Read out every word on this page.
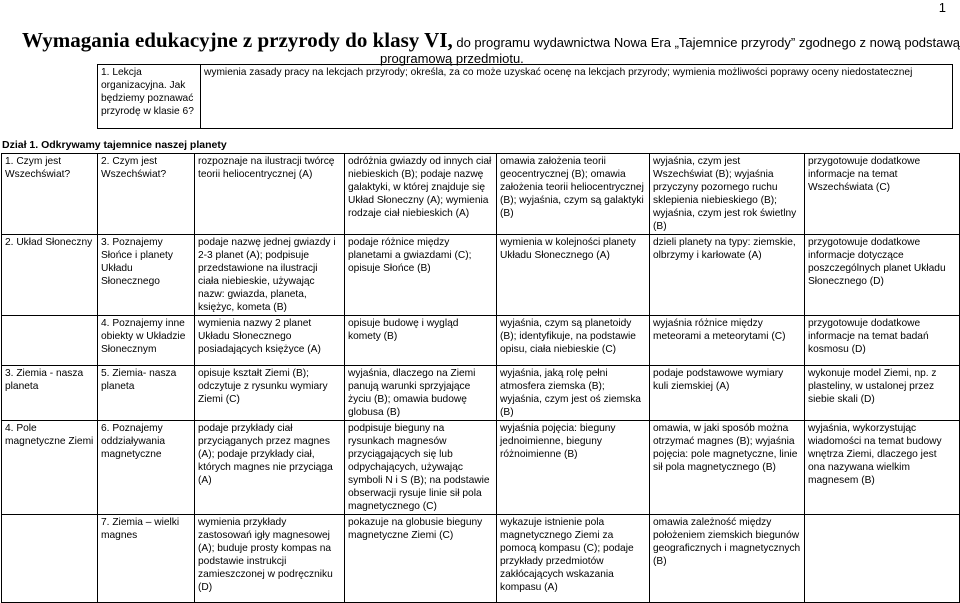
1
Wymagania edukacyjne z przyrody do klasy VI, do programu wydawnictwa Nowa Era „Tajemnice przyrody” zgodnego z nową podstawą
programową przedmiotu.
1. Lekcja organizacyjna. Jak będziemy poznawać przyrodę w klasie 6?	wymienia zasady pracy na lekcjach przyrody; określa, za co może uzyskać ocenę na lekcjach przyrody; wymienia możliwości poprawy oceny niedostatecznej
Dział 1. Odkrywamy tajemnice naszej planety
1. Czym jest Wszechświat?	2. Czym jest Wszechświat?	rozpoznaje na ilustracji twórcę teorii heliocentrycznej (A)	odróżnia gwiazdy od innych ciał niebieskich (B); podaje nazwę galaktyki, w której znajduje się Układ Słoneczny (A); wymienia rodzaje ciał niebieskich (A)	omawia założenia teorii geocentrycznej (B); omawia założenia teorii heliocentrycznej (B); wyjaśnia, czym są galaktyki (B)	wyjaśnia, czym jest Wszechświat (B); wyjaśnia przyczyny pozornego ruchu sklepienia niebieskiego (B); wyjaśnia, czym jest rok świetlny (B)	przygotowuje dodatkowe informacje na temat Wszechświata (C)
2. Układ Słoneczny	3. Poznajemy Słońce i planety Układu Słonecznego	podaje nazwę jednej gwiazdy i 2-3 planet (A); podpisuje przedstawione na ilustracji ciała niebieskie, używając nazw: gwiazda, planeta, księżyc, kometa (B)	podaje różnice między planetami a gwiazdami (C); opisuje Słońce (B)	wymienia w kolejności planety Układu Słonecznego (A)	dzieli planety na typy: ziemskie, olbrzymy i karłowate (A)	przygotowuje dodatkowe informacje dotyczące poszczególnych planet Układu Słonecznego (D)
	4. Poznajemy inne obiekty w Układzie Słonecznym	wymienia nazwy 2 planet Układu Słonecznego posiadających księżyce (A)	opisuje budowę i wygląd komety (B)	wyjaśnia, czym są planetoidy (B); identyfikuje, na podstawie opisu, ciała niebieskie (C)	wyjaśnia różnice między meteorami a meteorytami (C)	przygotowuje dodatkowe informacje na temat badań kosmosu (D)
3. Ziemia - nasza planeta	5. Ziemia- nasza planeta	opisuje kształt Ziemi (B); odczytuje z rysunku wymiary Ziemi (C)	wyjaśnia, dlaczego na Ziemi panują warunki sprzyjające życiu (B); omawia budowę globusa (B)	wyjaśnia, jaką rolę pełni atmosfera ziemska (B); wyjaśnia, czym jest oś ziemska (B)	podaje podstawowe wymiary kuli ziemskiej (A)	wykonuje model Ziemi, np. z plasteliny, w ustalonej przez siebie skali (D)
4. Pole magnetyczne Ziemi	6. Poznajemy oddziaływania magnetyczne	podaje przykłady ciał przyciąganych przez magnes (A); podaje przykłady ciał, których magnes nie przyciąga (A)	podpisuje bieguny na rysunkach magnesów przyciągających się lub odpychających, używając symboli N i S (B); na podstawie obserwacji rysuje linie sił pola magnetycznego (C)	wyjaśnia pojęcia: bieguny jednoimienne, bieguny różnoimienne (B)	omawia, w jaki sposób można otrzymać magnes (B); wyjaśnia pojęcia: pole magnetyczne, linie sił pola magnetycznego (B)	wyjaśnia, wykorzystując wiadomości na temat budowy wnętrza Ziemi, dlaczego jest ona nazywana wielkim magnesem (B)
	7. Ziemia – wielki magnes	wymienia przykłady zastosowań igły magnesowej (A); buduje prosty kompas na podstawie instrukcji zamieszczonej w podręczniku (D)	pokazuje na globusie bieguny magnetyczne Ziemi (C)	wykazuje istnienie pola magnetycznego Ziemi za pomocą kompasu (C); podaje przykłady przedmiotów zakłócających wskazania kompasu (A)	omawia zależność między położeniem ziemskich biegunów geograficznych i magnetycznych (B)	
